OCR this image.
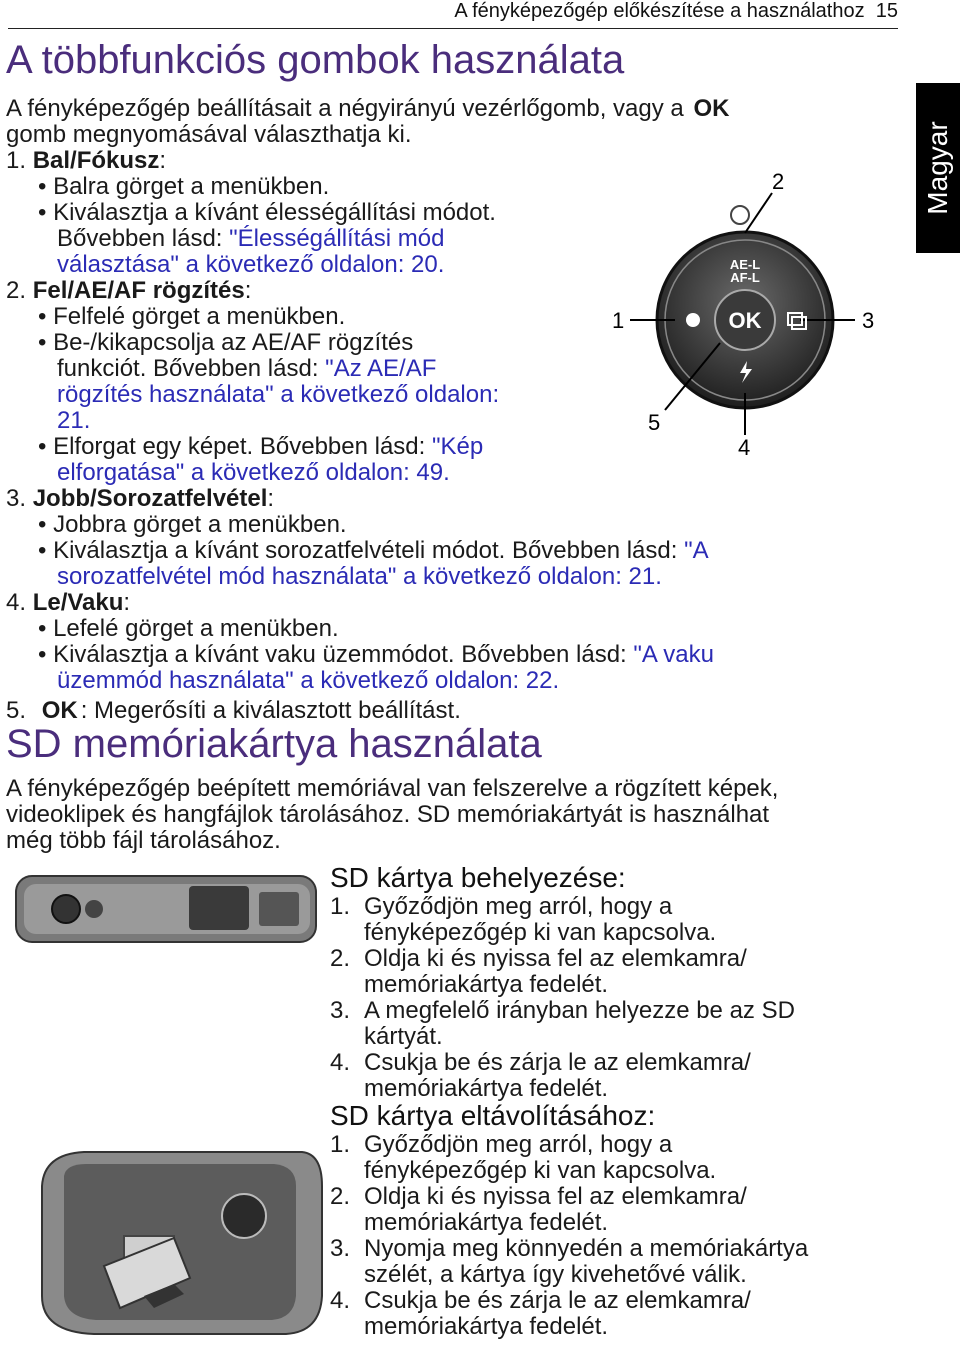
A fényképezőgép előkészítése a használathoz 15
Magyar
A többfunkciós gombok használata
A fényképezőgép beállításait a négyirányú vezérlőgomb, vagy a OK
gomb megnyomásával választhatja ki.
1. Bal/Fókusz:
• Balra görget a menükben.
• Kiválasztja a kívánt élességállítási módot.
Bővebben lásd: "Élességállítási mód
választása" a következő oldalon: 20.
2. Fel/AE/AF rögzítés:
• Felfelé görget a menükben.
• Be-/kikapcsolja az AE/AF rögzítés
funkciót. Bővebben lásd: "Az AE/AF
rögzítés használata" a következő oldalon:
21.
• Elforgat egy képet. Bővebben lásd: "Kép
elforgatása" a következő oldalon: 49.
3. Jobb/Sorozatfelvétel:
• Jobbra görget a menükben.
• Kiválasztja a kívánt sorozatfelvételi módot. Bővebben lásd: "A
sorozatfelvétel mód használata" a következő oldalon: 21.
4. Le/Vaku:
• Lefelé görget a menükben.
• Kiválasztja a kívánt vaku üzemmódot. Bővebben lásd: "A vaku
üzemmód használata" a következő oldalon: 22.
5. OK : Megerősíti a kiválasztott beállítást.
AE-L
AF-L
OK
1
2
3
4
5
SD memóriakártya használata
A fényképezőgép beépített memóriával van felszerelve a rögzített képek,
videoklipek és hangfájlok tárolásához. SD memóriakártyát is használhat
még több fájl tárolásához.
SD kártya behelyezése:
1. Győződjön meg arról, hogy a
fényképezőgép ki van kapcsolva.
2. Oldja ki és nyissa fel az elemkamra/
memóriakártya fedelét.
3. A megfelelő irányban helyezze be az SD
kártyát.
4. Csukja be és zárja le az elemkamra/
memóriakártya fedelét.
SD kártya eltávolításához:
1. Győződjön meg arról, hogy a
fényképezőgép ki van kapcsolva.
2. Oldja ki és nyissa fel az elemkamra/
memóriakártya fedelét.
3. Nyomja meg könnyedén a memóriakártya
szélét, a kártya így kivehetővé válik.
4. Csukja be és zárja le az elemkamra/
memóriakártya fedelét.
